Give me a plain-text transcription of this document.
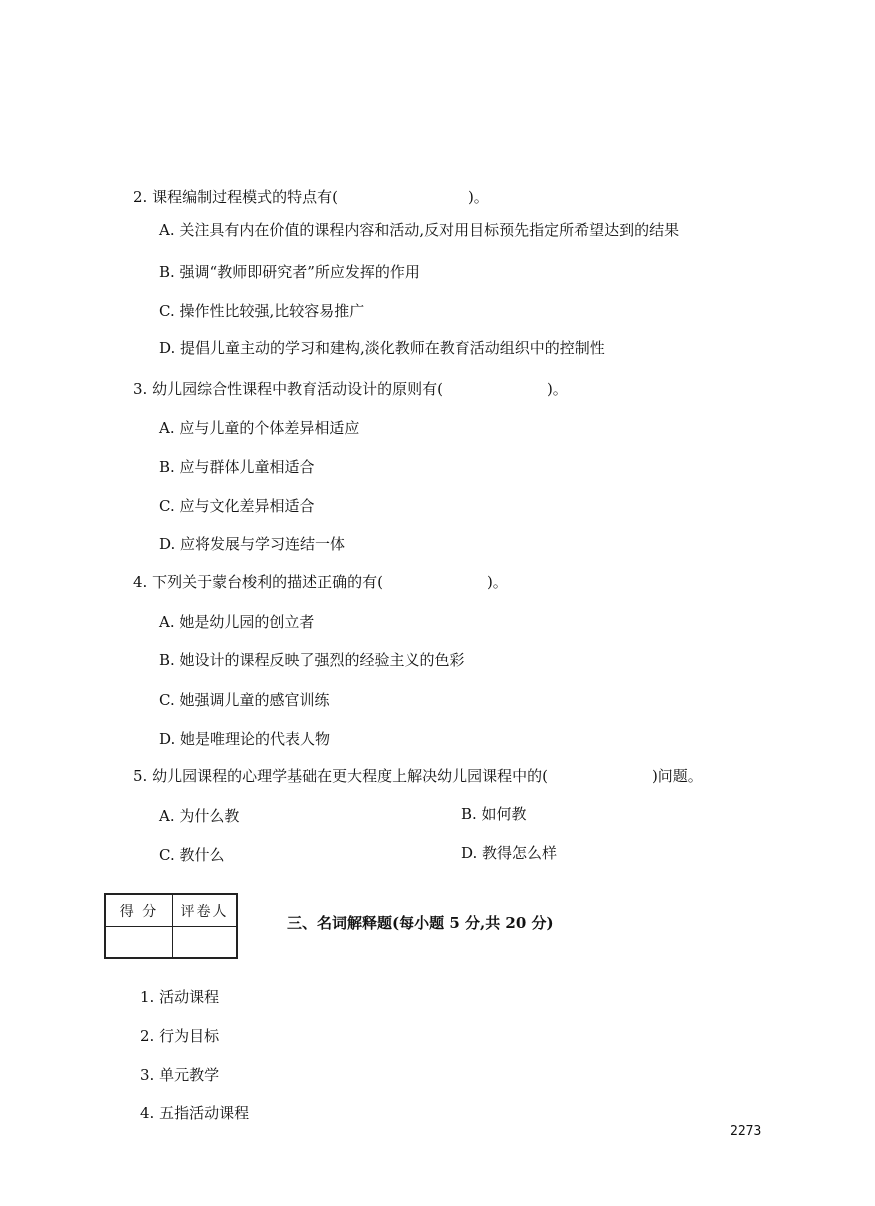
2. 课程编制过程模式的特点有(	)。
A. 关注具有内在价值的课程内容和活动,反对用目标预先指定所希望达到的结果
B. 强调“教师即研究者”所应发挥的作用
C. 操作性比较强,比较容易推广
D. 提倡儿童主动的学习和建构,淡化教师在教育活动组织中的控制性
3. 幼儿园综合性课程中教育活动设计的原则有(	)。
A. 应与儿童的个体差异相适应
B. 应与群体儿童相适合
C. 应与文化差异相适合
D. 应将发展与学习连结一体
4. 下列关于蒙台梭利的描述正确的有(	)。
A. 她是幼儿园的创立者
B. 她设计的课程反映了强烈的经验主义的色彩
C. 她强调儿童的感官训练
D. 她是唯理论的代表人物
5. 幼儿园课程的心理学基础在更大程度上解决幼儿园课程中的(	)问题。
A. 为什么教	B. 如何教
C. 教什么	D. 教得怎么样
得 分	评卷人
三、名词解释题(每小题 5 分,共 20 分)
1. 活动课程
2. 行为目标
3. 单元教学
4. 五指活动课程
2273
